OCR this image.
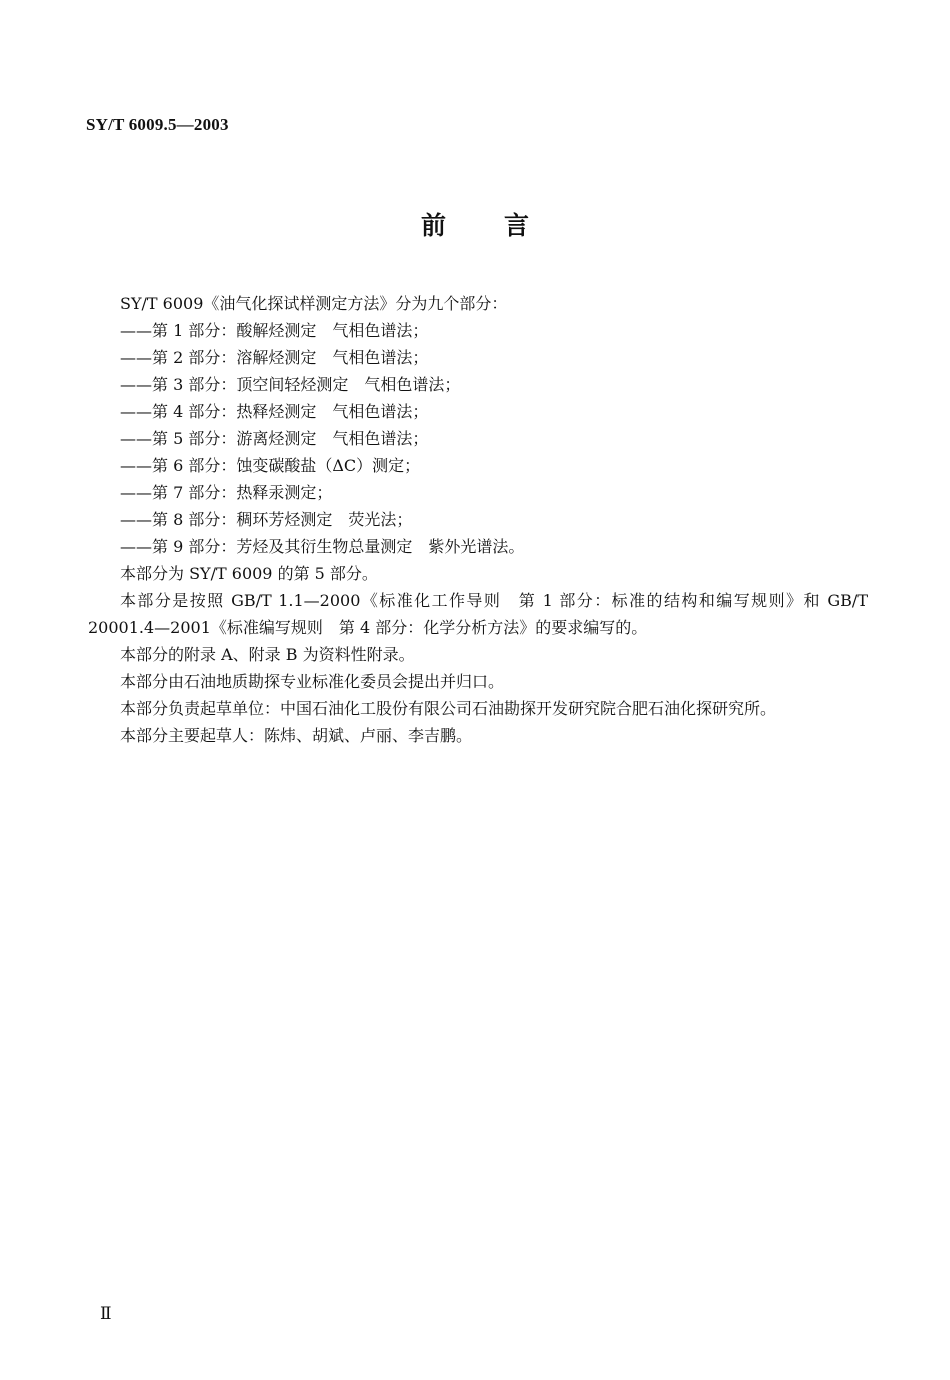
SY/T 6009.5—2003
前言
SY/T 6009《油气化探试样测定方法》分为九个部分：
——第 1 部分：酸解烃测定 气相色谱法；
——第 2 部分：溶解烃测定 气相色谱法；
——第 3 部分：顶空间轻烃测定 气相色谱法；
——第 4 部分：热释烃测定 气相色谱法；
——第 5 部分：游离烃测定 气相色谱法；
——第 6 部分：蚀变碳酸盐（ΔC）测定；
——第 7 部分：热释汞测定；
——第 8 部分：稠环芳烃测定 荧光法；
——第 9 部分：芳烃及其衍生物总量测定 紫外光谱法。
本部分为 SY/T 6009 的第 5 部分。
本部分是按照 GB/T 1.1—2000《标准化工作导则　第 1 部分：标准的结构和编写规则》和 GB/T 20001.4—2001《标准编写规则　第 4 部分：化学分析方法》的要求编写的。
本部分的附录 A、附录 B 为资料性附录。
本部分由石油地质勘探专业标准化委员会提出并归口。
本部分负责起草单位：中国石油化工股份有限公司石油勘探开发研究院合肥石油化探研究所。
本部分主要起草人：陈炜、胡斌、卢丽、李吉鹏。
Ⅱ
